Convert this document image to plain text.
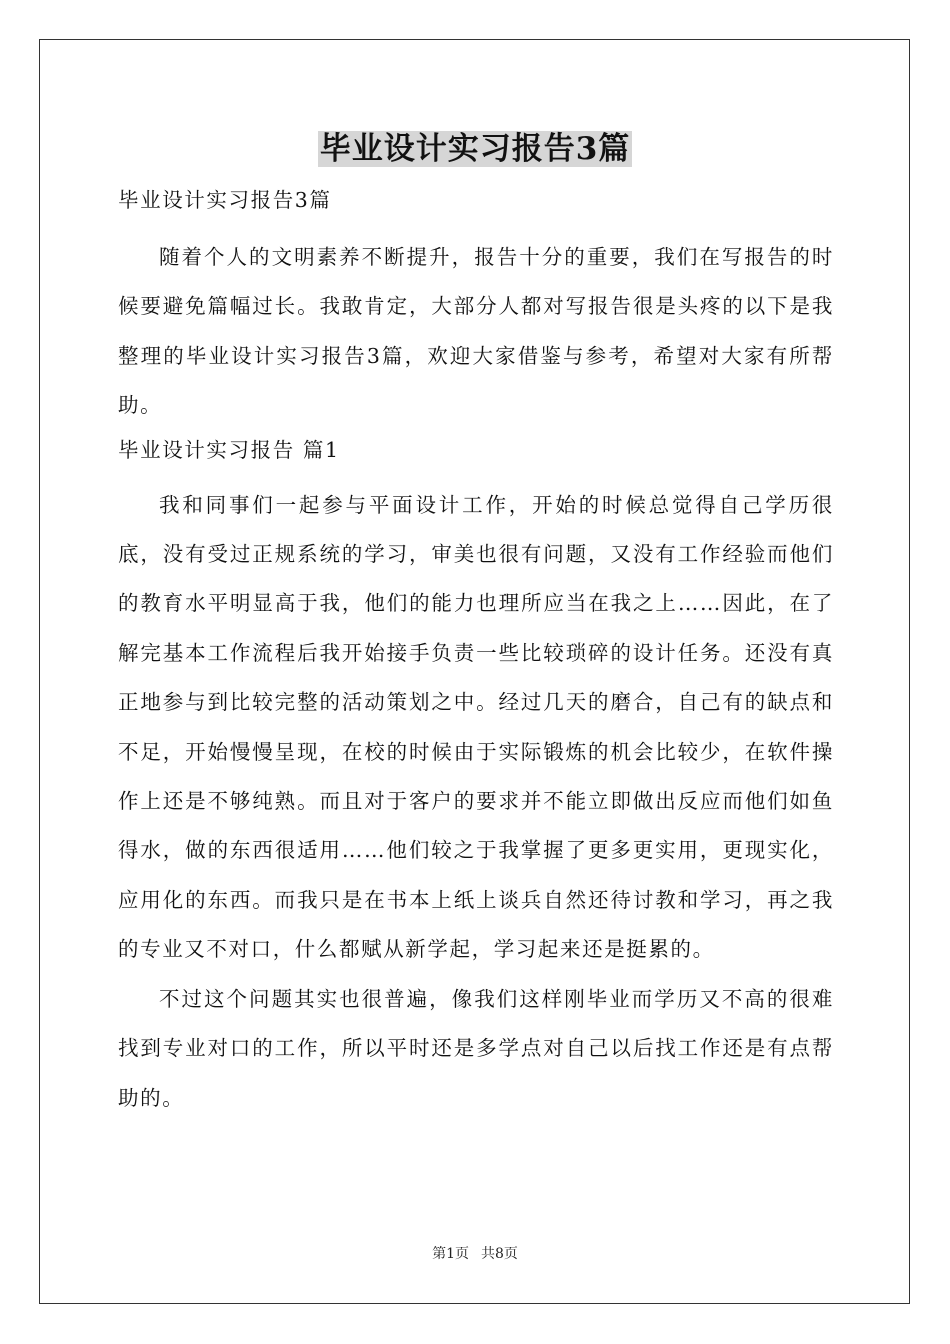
毕业设计实习报告3篇

毕业设计实习报告3篇

随着个人的文明素养不断提升，报告十分的重要，我们在写报告的时候要避免篇幅过长。我敢肯定，大部分人都对写报告很是头疼的以下是我整理的毕业设计实习报告3篇，欢迎大家借鉴与参考，希望对大家有所帮助。

毕业设计实习报告 篇1

我和同事们一起参与平面设计工作，开始的时候总觉得自己学历很底，没有受过正规系统的学习，审美也很有问题，又没有工作经验而他们的教育水平明显高于我，他们的能力也理所应当在我之上……因此，在了解完基本工作流程后我开始接手负责一些比较琐碎的设计任务。还没有真正地参与到比较完整的活动策划之中。经过几天的磨合，自己有的缺点和不足，开始慢慢呈现，在校的时候由于实际锻炼的机会比较少，在软件操作上还是不够纯熟。而且对于客户的要求并不能立即做出反应而他们如鱼得水，做的东西很适用……他们较之于我掌握了更多更实用，更现实化，应用化的东西。而我只是在书本上纸上谈兵自然还待讨教和学习，再之我的专业又不对口，什么都赋从新学起，学习起来还是挺累的。

不过这个问题其实也很普遍，像我们这样刚毕业而学历又不高的很难找到专业对口的工作，所以平时还是多学点对自己以后找工作还是有点帮助的。

第1页 共8页
